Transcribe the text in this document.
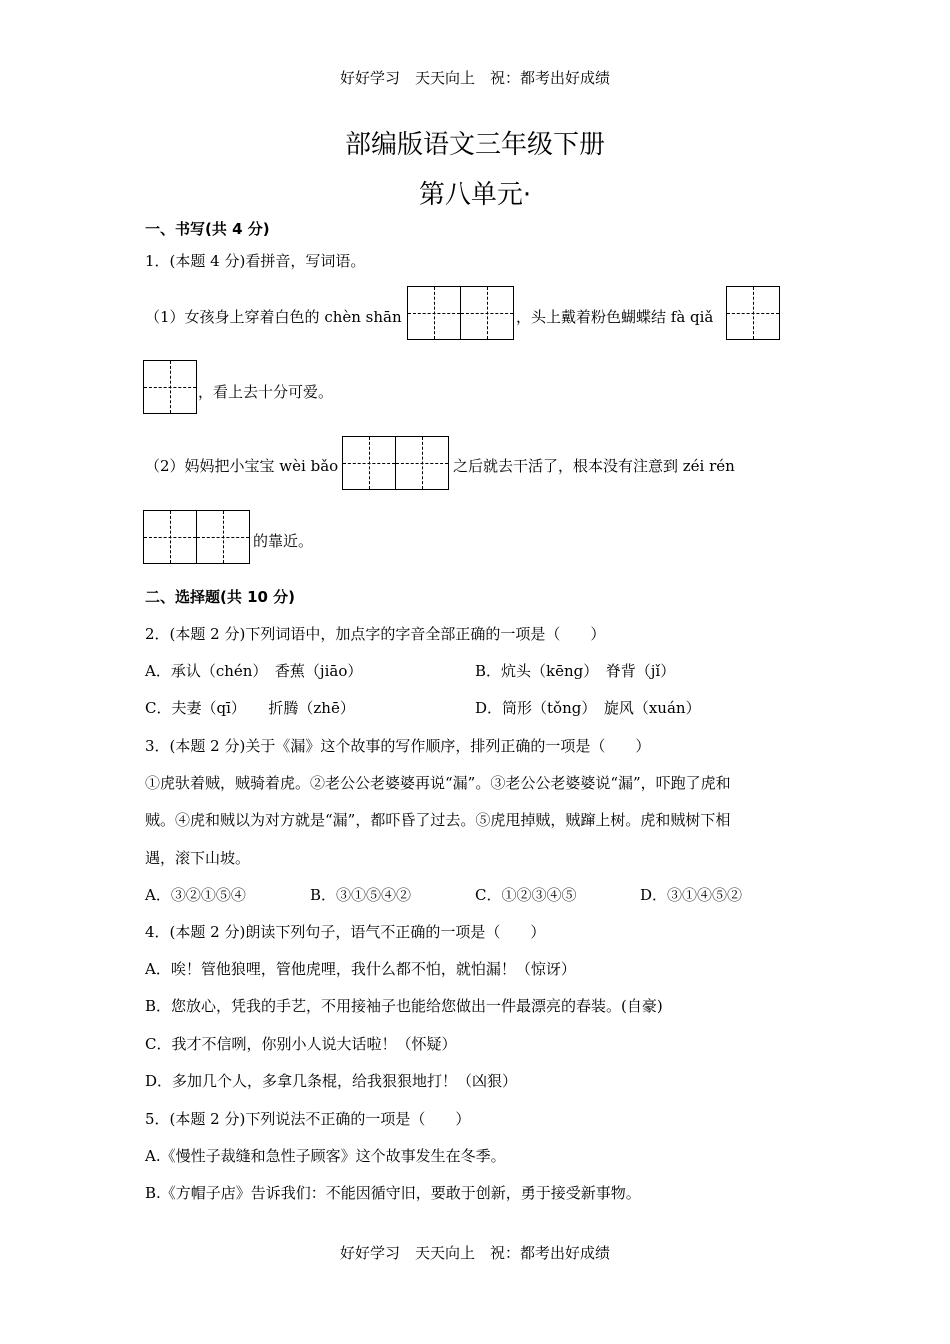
好好学习　天天向上　祝：都考出好成绩
部编版语文三年级下册
第八单元·
一、书写(共 4 分)
1．(本题 4 分)看拼音，写词语。
（1）女孩身上穿着白色的 chèn shān	，头上戴着粉色蝴蝶结 fà qiǎ
，看上去十分可爱。
（2）妈妈把小宝宝 wèi bǎo	之后就去干活了，根本没有注意到 zéi rén
的靠近。
二、选择题(共 10 分)
2．(本题 2 分)下列词语中，加点字的字音全部正确的一项是（　　）
A．承认（chén）　香蕉（jiāo）	B．炕头（kēng）　脊背（jǐ）
C．夫妻（qī）　　折腾（zhē）	D．筒形（tǒng）　旋风（xuán）
3．(本题 2 分)关于《漏》这个故事的写作顺序，排列正确的一项是（　　）
①虎驮着贼，贼骑着虎。②老公公老婆婆再说“漏”。③老公公老婆婆说“漏”，吓跑了虎和
贼。④虎和贼以为对方就是“漏”，都吓昏了过去。⑤虎甩掉贼，贼蹿上树。虎和贼树下相
遇，滚下山坡。
A．③②①⑤④	B．③①⑤④②	C．①②③④⑤	D．③①④⑤②
4．(本题 2 分)朗读下列句子，语气不正确的一项是（　　）
A．唉！管他狼哩，管他虎哩，我什么都不怕，就怕漏！（惊讶）
B．您放心，凭我的手艺，不用接袖子也能给您做出一件最漂亮的春装。(自豪)
C．我才不信咧，你别小人说大话啦！（怀疑）
D．多加几个人，多拿几条棍，给我狠狠地打！（凶狠）
5．(本题 2 分)下列说法不正确的一项是（　　）
A.《慢性子裁缝和急性子顾客》这个故事发生在冬季。
B.《方帽子店》告诉我们：不能因循守旧，要敢于创新，勇于接受新事物。
好好学习　天天向上　祝：都考出好成绩
